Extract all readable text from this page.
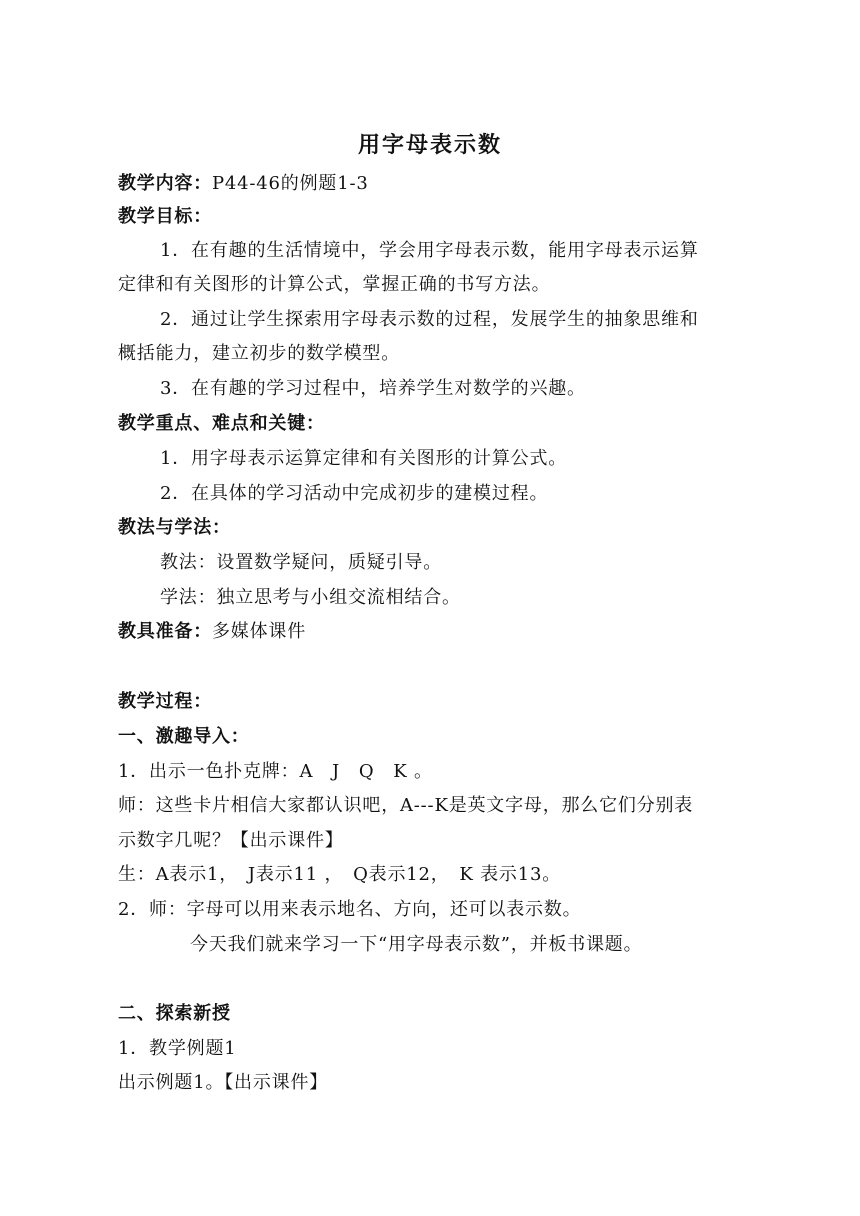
用字母表示数
教学内容：P44-46的例题1-3
教学目标：
1．在有趣的生活情境中，学会用字母表示数，能用字母表示运算
定律和有关图形的计算公式，掌握正确的书写方法。
2．通过让学生探索用字母表示数的过程，发展学生的抽象思维和
概括能力，建立初步的数学模型。
3．在有趣的学习过程中，培养学生对数学的兴趣。
教学重点、难点和关键：
1．用字母表示运算定律和有关图形的计算公式。
2．在具体的学习活动中完成初步的建模过程。
教法与学法：
教法：设置数学疑问，质疑引导。
学法：独立思考与小组交流相结合。
教具准备：多媒体课件
教学过程：
一、激趣导入：
1．出示一色扑克牌：A　J　Q　K 。
师：这些卡片相信大家都认识吧，A---K是英文字母，那么它们分别表
示数字几呢？【出示课件】
生：A表示1，　J表示11 ，　Q表示12，　K 表示13。
2．师：字母可以用来表示地名、方向，还可以表示数。
今天我们就来学习一下“用字母表示数”，并板书课题。
二、探索新授
1．教学例题1
出示例题1。【出示课件】
